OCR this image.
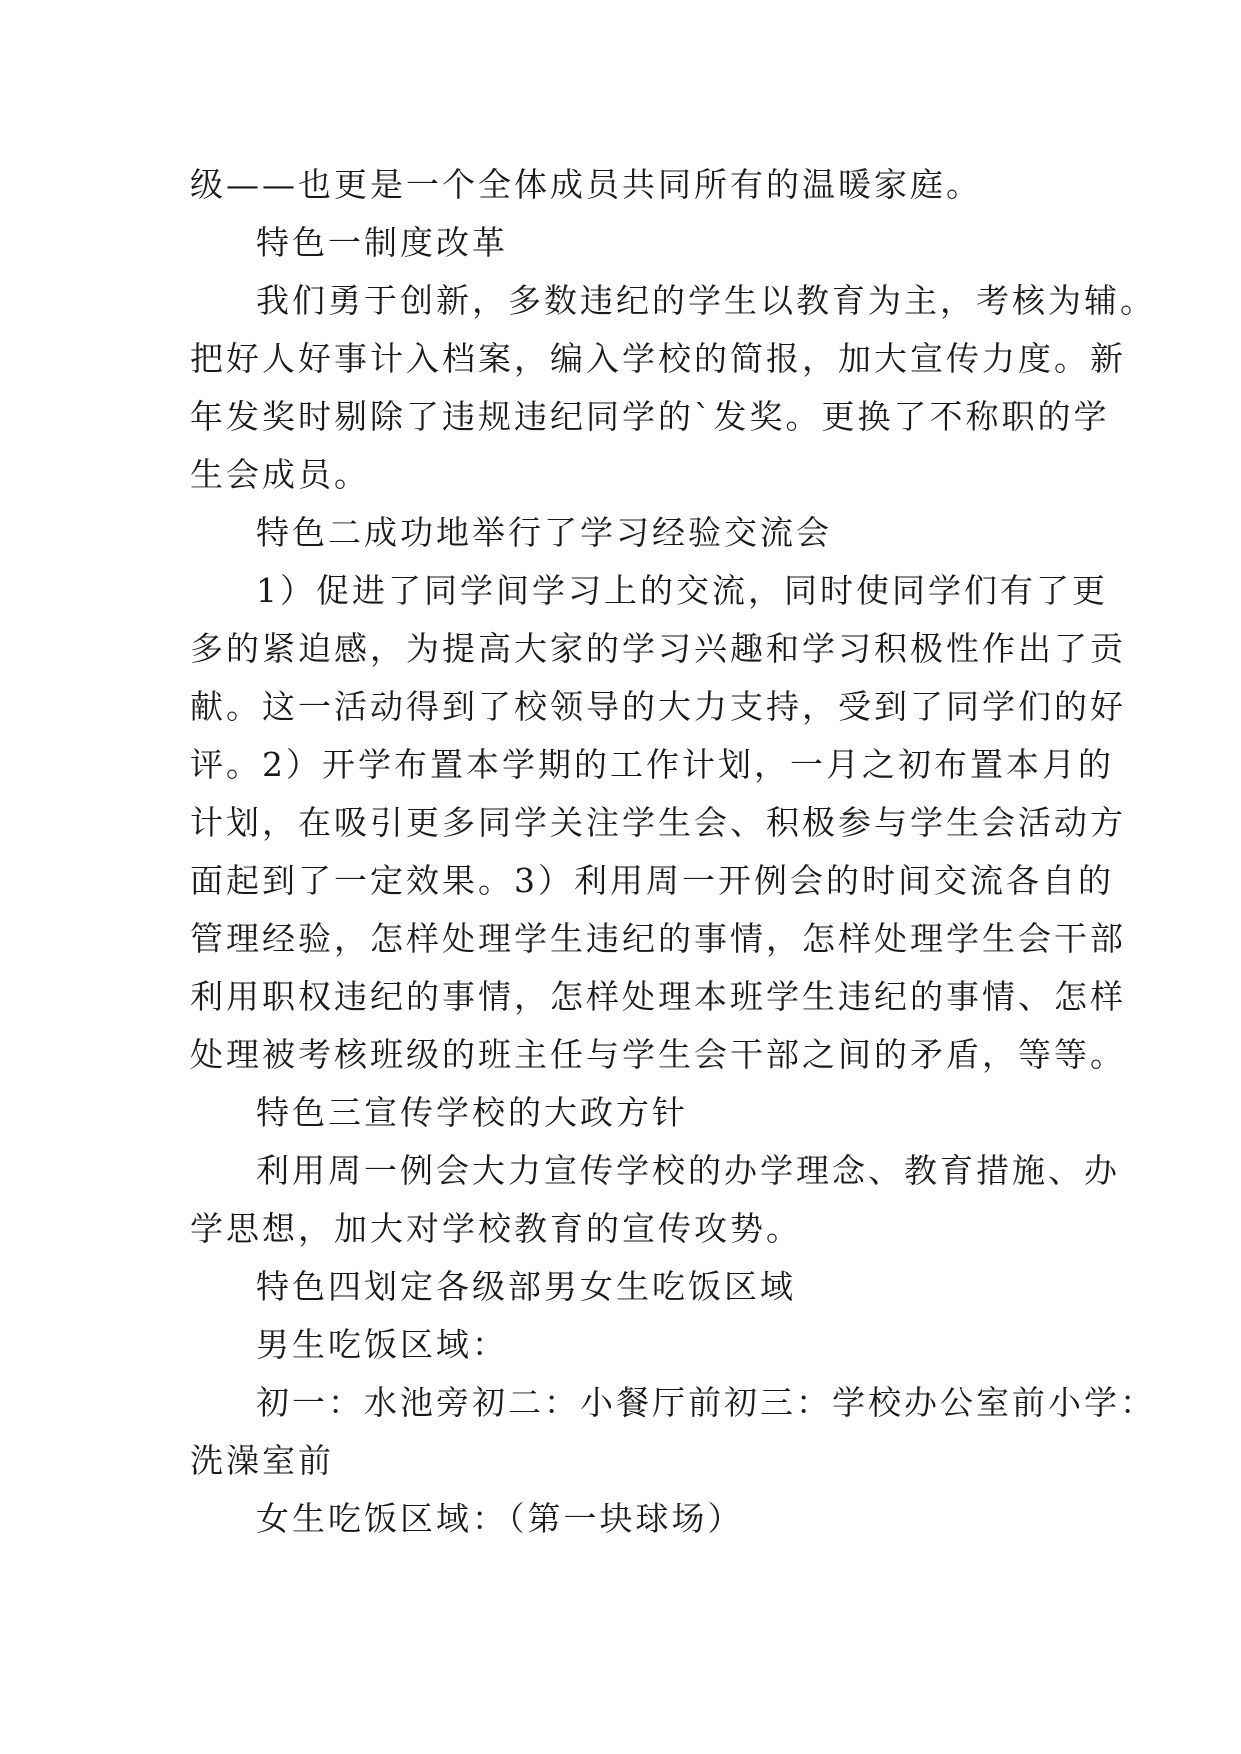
级——也更是一个全体成员共同所有的温暖家庭。
特色一制度改革
我们勇于创新，多数违纪的学生以教育为主，考核为辅。
把好人好事计入档案，编入学校的简报，加大宣传力度。新
年发奖时剔除了违规违纪同学的`发奖。更换了不称职的学
生会成员。
特色二成功地举行了学习经验交流会
1）促进了同学间学习上的交流，同时使同学们有了更
多的紧迫感，为提高大家的学习兴趣和学习积极性作出了贡
献。这一活动得到了校领导的大力支持，受到了同学们的好
评。2）开学布置本学期的工作计划，一月之初布置本月的
计划，在吸引更多同学关注学生会、积极参与学生会活动方
面起到了一定效果。3）利用周一开例会的时间交流各自的
管理经验，怎样处理学生违纪的事情，怎样处理学生会干部
利用职权违纪的事情，怎样处理本班学生违纪的事情、怎样
处理被考核班级的班主任与学生会干部之间的矛盾，等等。
特色三宣传学校的大政方针
利用周一例会大力宣传学校的办学理念、教育措施、办
学思想，加大对学校教育的宣传攻势。
特色四划定各级部男女生吃饭区域
男生吃饭区域：
初一：水池旁初二：小餐厅前初三：学校办公室前小学：
洗澡室前
女生吃饭区域：（第一块球场）
